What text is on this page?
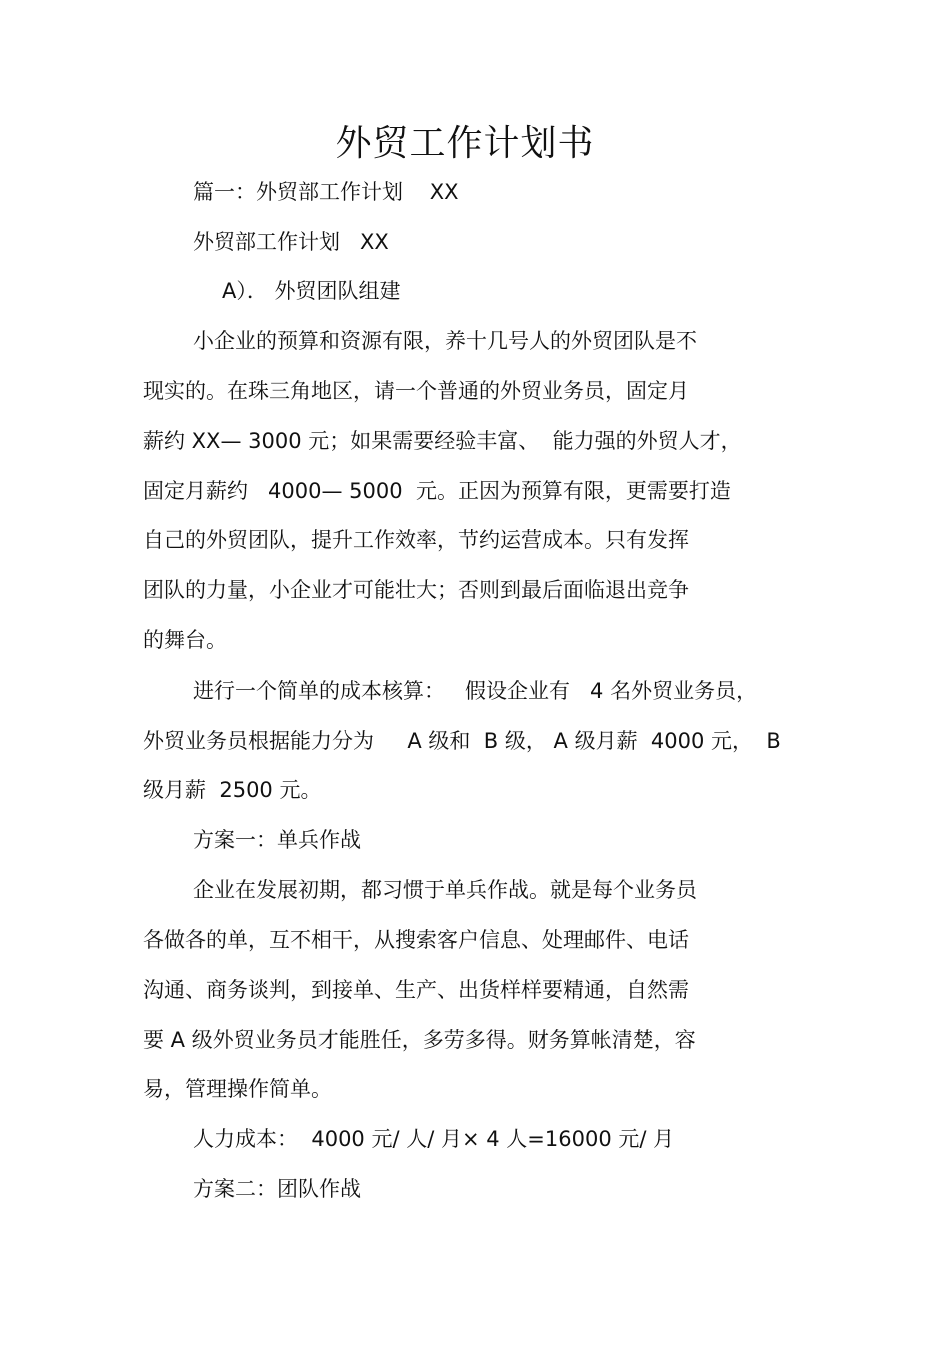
外贸工作计划书
篇一：外贸部工作计划    XX
外贸部工作计划   XX
A）． 外贸团队组建
小企业的预算和资源有限，养十几号人的外贸团队是不
现实的。在珠三角地区，请一个普通的外贸业务员，固定月
薪约 XX— 3000 元；如果需要经验丰富、  能力强的外贸人才，
固定月薪约   4000— 5000  元。正因为预算有限，更需要打造
自己的外贸团队，提升工作效率，节约运营成本。只有发挥
团队的力量，小企业才可能壮大；否则到最后面临退出竞争
的舞台。
进行一个简单的成本核算：   假设企业有   4 名外贸业务员，
外贸业务员根据能力分为     A 级和  B 级， A 级月薪  4000 元，  B
级月薪  2500 元。
方案一：单兵作战
企业在发展初期，都习惯于单兵作战。就是每个业务员
各做各的单，互不相干，从搜索客户信息、处理邮件、电话
沟通、商务谈判，到接单、生产、出货样样要精通，自然需
要 A 级外贸业务员才能胜任，多劳多得。财务算帐清楚，容
易，管理操作简单。
人力成本：  4000 元/ 人/ 月× 4 人=16000 元/ 月
方案二：团队作战
